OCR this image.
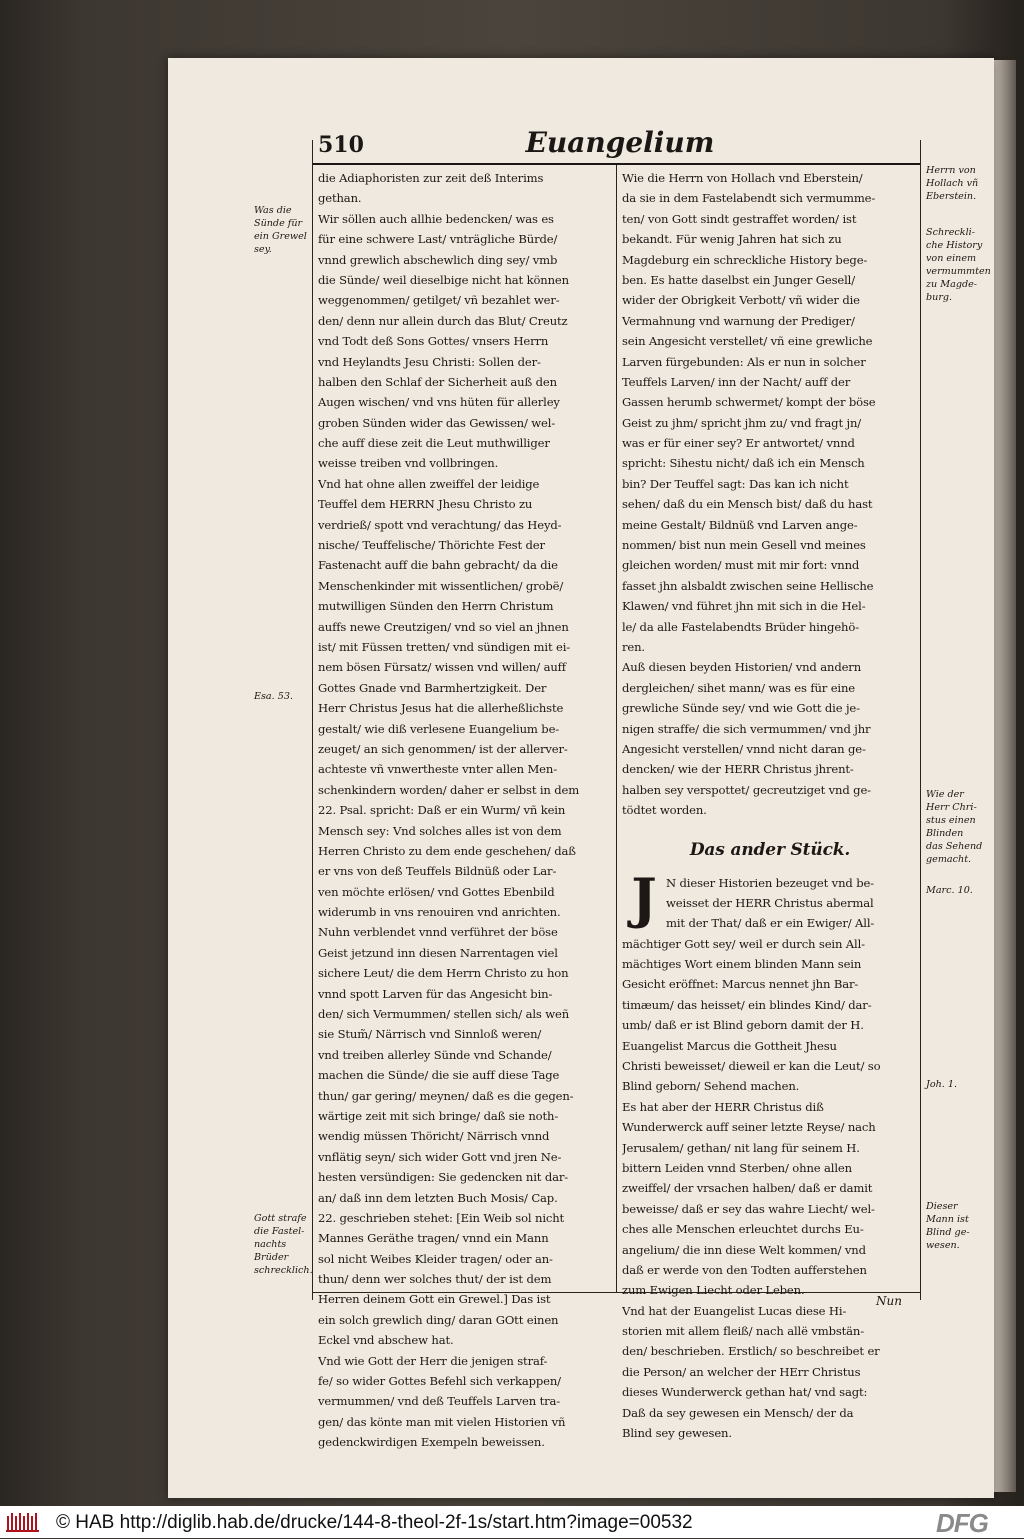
510	Euangelium
die Adiaphoristen zur zeit deß Interims
gethan.
Wir söllen auch allhie bedencken/ was es
für eine schwere Last/ vnträgliche Bürde/
vnnd grewlich abschewlich ding sey/ vmb
die Sünde/ weil dieselbige nicht hat können
weggenommen/ getilget/ vñ bezahlet wer-
den/ denn nur allein durch das Blut/ Creutz
vnd Todt deß Sons Gottes/ vnsers Herrn
vnd Heylandts Jesu Christi: Sollen der-
halben den Schlaf der Sicherheit auß den
Augen wischen/ vnd vns hüten für allerley
groben Sünden wider das Gewissen/ wel-
che auff diese zeit die Leut muthwilliger
weisse treiben vnd vollbringen.
Vnd hat ohne allen zweiffel der leidige
Teuffel dem HERRN Jhesu Christo zu
verdrieß/ spott vnd verachtung/ das Heyd-
nische/ Teuffelische/ Thörichte Fest der
Fastenacht auff die bahn gebracht/ da die
Menschenkinder mit wissentlichen/ grobë/
mutwilligen Sünden den Herrn Christum
auffs newe Creutzigen/ vnd so viel an jhnen
ist/ mit Füssen tretten/ vnd sündigen mit ei-
nem bösen Fürsatz/ wissen vnd willen/ auff
Gottes Gnade vnd Barmhertzigkeit. Der
Herr Christus Jesus hat die allerheßlichste
gestalt/ wie diß verlesene Euangelium be-
zeuget/ an sich genommen/ ist der allerver-
achteste vñ vnwertheste vnter allen Men-
schenkindern worden/ daher er selbst in dem
22. Psal. spricht: Daß er ein Wurm/ vñ kein
Mensch sey: Vnd solches alles ist von dem
Herren Christo zu dem ende geschehen/ daß
er vns von deß Teuffels Bildnüß oder Lar-
ven möchte erlösen/ vnd Gottes Ebenbild
widerumb in vns renouiren vnd anrichten.
Nuhn verblendet vnnd verführet der böse
Geist jetzund inn diesen Narrentagen viel
sichere Leut/ die dem Herrn Christo zu hon
vnnd spott Larven für das Angesicht bin-
den/ sich Vermummen/ stellen sich/ als weñ
sie Stum̃/ Närrisch vnd Sinnloß weren/
vnd treiben allerley Sünde vnd Schande/
machen die Sünde/ die sie auff diese Tage
thun/ gar gering/ meynen/ daß es die gegen-
wärtige zeit mit sich bringe/ daß sie noth-
wendig müssen Thöricht/ Närrisch vnnd
vnflätig seyn/ sich wider Gott vnd jren Ne-
hesten versündigen: Sie gedencken nit dar-
an/ daß inn dem letzten Buch Mosis/ Cap.
22. geschrieben stehet: [Ein Weib sol nicht
Mannes Geräthe tragen/ vnnd ein Mann
sol nicht Weibes Kleider tragen/ oder an-
thun/ denn wer solches thut/ der ist dem
Herren deinem Gott ein Grewel.] Das ist
ein solch grewlich ding/ daran GOtt einen
Eckel vnd abschew hat.
Vnd wie Gott der Herr die jenigen straf-
fe/ so wider Gottes Befehl sich verkappen/
vermummen/ vnd deß Teuffels Larven tra-
gen/ das könte man mit vielen Historien vñ
gedenckwirdigen Exempeln beweissen.
Wie die Herrn von Hollach vnd Eberstein/
da sie in dem Fastelabendt sich vermumme-
ten/ von Gott sindt gestraffet worden/ ist
bekandt. Für wenig Jahren hat sich zu
Magdeburg ein schreckliche History bege-
ben. Es hatte daselbst ein Junger Gesell/
wider der Obrigkeit Verbott/ vñ wider die
Vermahnung vnd warnung der Prediger/
sein Angesicht verstellet/ vñ eine grewliche
Larven fürgebunden: Als er nun in solcher
Teuffels Larven/ inn der Nacht/ auff der
Gassen herumb schwermet/ kompt der böse
Geist zu jhm/ spricht jhm zu/ vnd fragt jn/
was er für einer sey? Er antwortet/ vnnd
spricht: Sihestu nicht/ daß ich ein Mensch
bin? Der Teuffel sagt: Das kan ich nicht
sehen/ daß du ein Mensch bist/ daß du hast
meine Gestalt/ Bildnüß vnd Larven ange-
nommen/ bist nun mein Gesell vnd meines
gleichen worden/ must mit mir fort: vnnd
fasset jhn alsbaldt zwischen seine Hellische
Klawen/ vnd führet jhn mit sich in die Hel-
le/ da alle Fastelabendts Brüder hingehö-
ren.
Auß diesen beyden Historien/ vnd andern
dergleichen/ sihet mann/ was es für eine
grewliche Sünde sey/ vnd wie Gott die je-
nigen straffe/ die sich vermummen/ vnd jhr
Angesicht verstellen/ vnnd nicht daran ge-
dencken/ wie der HERR Christus jhrent-
halben sey verspottet/ gecreutziget vnd ge-
tödtet worden.
Das ander Stück.
J N dieser Historien bezeuget vnd be-
weisset der HERR Christus abermal
mit der That/ daß er ein Ewiger/ All-
mächtiger Gott sey/ weil er durch sein All-
mächtiges Wort einem blinden Mann sein
Gesicht eröffnet: Marcus nennet jhn Bar-
timæum/ das heisset/ ein blindes Kind/ dar-
umb/ daß er ist Blind geborn damit der H.
Euangelist Marcus die Gottheit Jhesu
Christi beweisset/ dieweil er kan die Leut/ so
Blind geborn/ Sehend machen.
Es hat aber der HERR Christus diß
Wunderwerck auff seiner letzte Reyse/ nach
Jerusalem/ gethan/ nit lang für seinem H.
bittern Leiden vnnd Sterben/ ohne allen
zweiffel/ der vrsachen halben/ daß er damit
beweisse/ daß er sey das wahre Liecht/ wel-
ches alle Menschen erleuchtet durchs Eu-
angelium/ die inn diese Welt kommen/ vnd
daß er werde von den Todten aufferstehen
zum Ewigen Liecht oder Leben.
Vnd hat der Euangelist Lucas diese Hi-
storien mit allem fleiß/ nach allë vmbstän-
den/ beschrieben. Erstlich/ so beschreibet er
die Person/ an welcher der HErr Christus
dieses Wunderwerck gethan hat/ vnd sagt:
Daß da sey gewesen ein Mensch/ der da
Blind sey gewesen.
Was die
Sünde für
ein Grewel
sey.
Esa. 53.
Gott strafe
die Fastel-
nachts
Brüder
schrecklich.
Herrn von
Hollach vñ
Eberstein.
Schreckli-
che History
von einem
vermummten
zu Magde-
burg.
Wie der
Herr Chri-
stus einen
Blinden
das Sehend
gemacht.
Marc. 10.
Joh. 1.
Dieser
Mann ist
Blind ge-
wesen.
Nun
© HAB http://diglib.hab.de/drucke/144-8-theol-2f-1s/start.htm?image=00532	DFG
